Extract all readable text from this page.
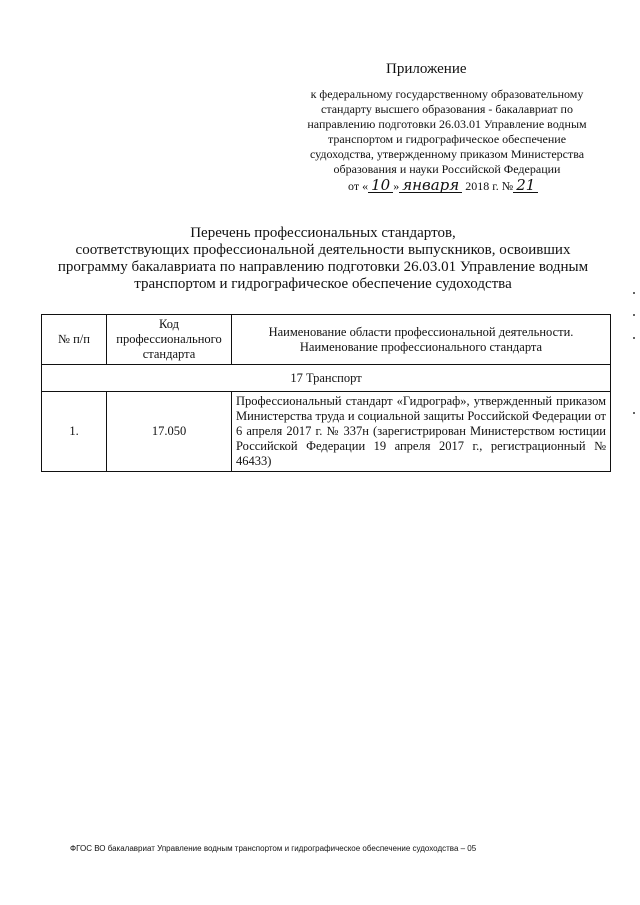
Приложение
к федеральному государственному образовательному
стандарту высшего образования - бакалавриат по
направлению подготовки 26.03.01 Управление водным
транспортом и гидрографическое обеспечение
судоходства, утвержденному приказом Министерства
образования и науки Российской Федерации
от « 10 » января 2018 г. № 21
Перечень профессиональных стандартов,
соответствующих профессиональной деятельности выпускников, освоивших
программу бакалавриата по направлению подготовки 26.03.01 Управление водным
транспортом и гидрографическое обеспечение судоходства
№ п/п	Код профессионального стандарта	Наименование области профессиональной деятельности.
Наименование профессионального стандарта

17 Транспорт		
1.	17.050	Профессиональный стандарт «Гидрограф», утвержденный приказом Министерства труда и социальной защиты Российской Федерации от 6 апреля 2017 г. № 337н (зарегистрирован Министерством юстиции Российской Федерации 19 апреля 2017 г., регистрационный № 46433)
ФГОС ВО бакалавриат Управление водным транспортом и гидрографическое обеспечение судоходства – 05
